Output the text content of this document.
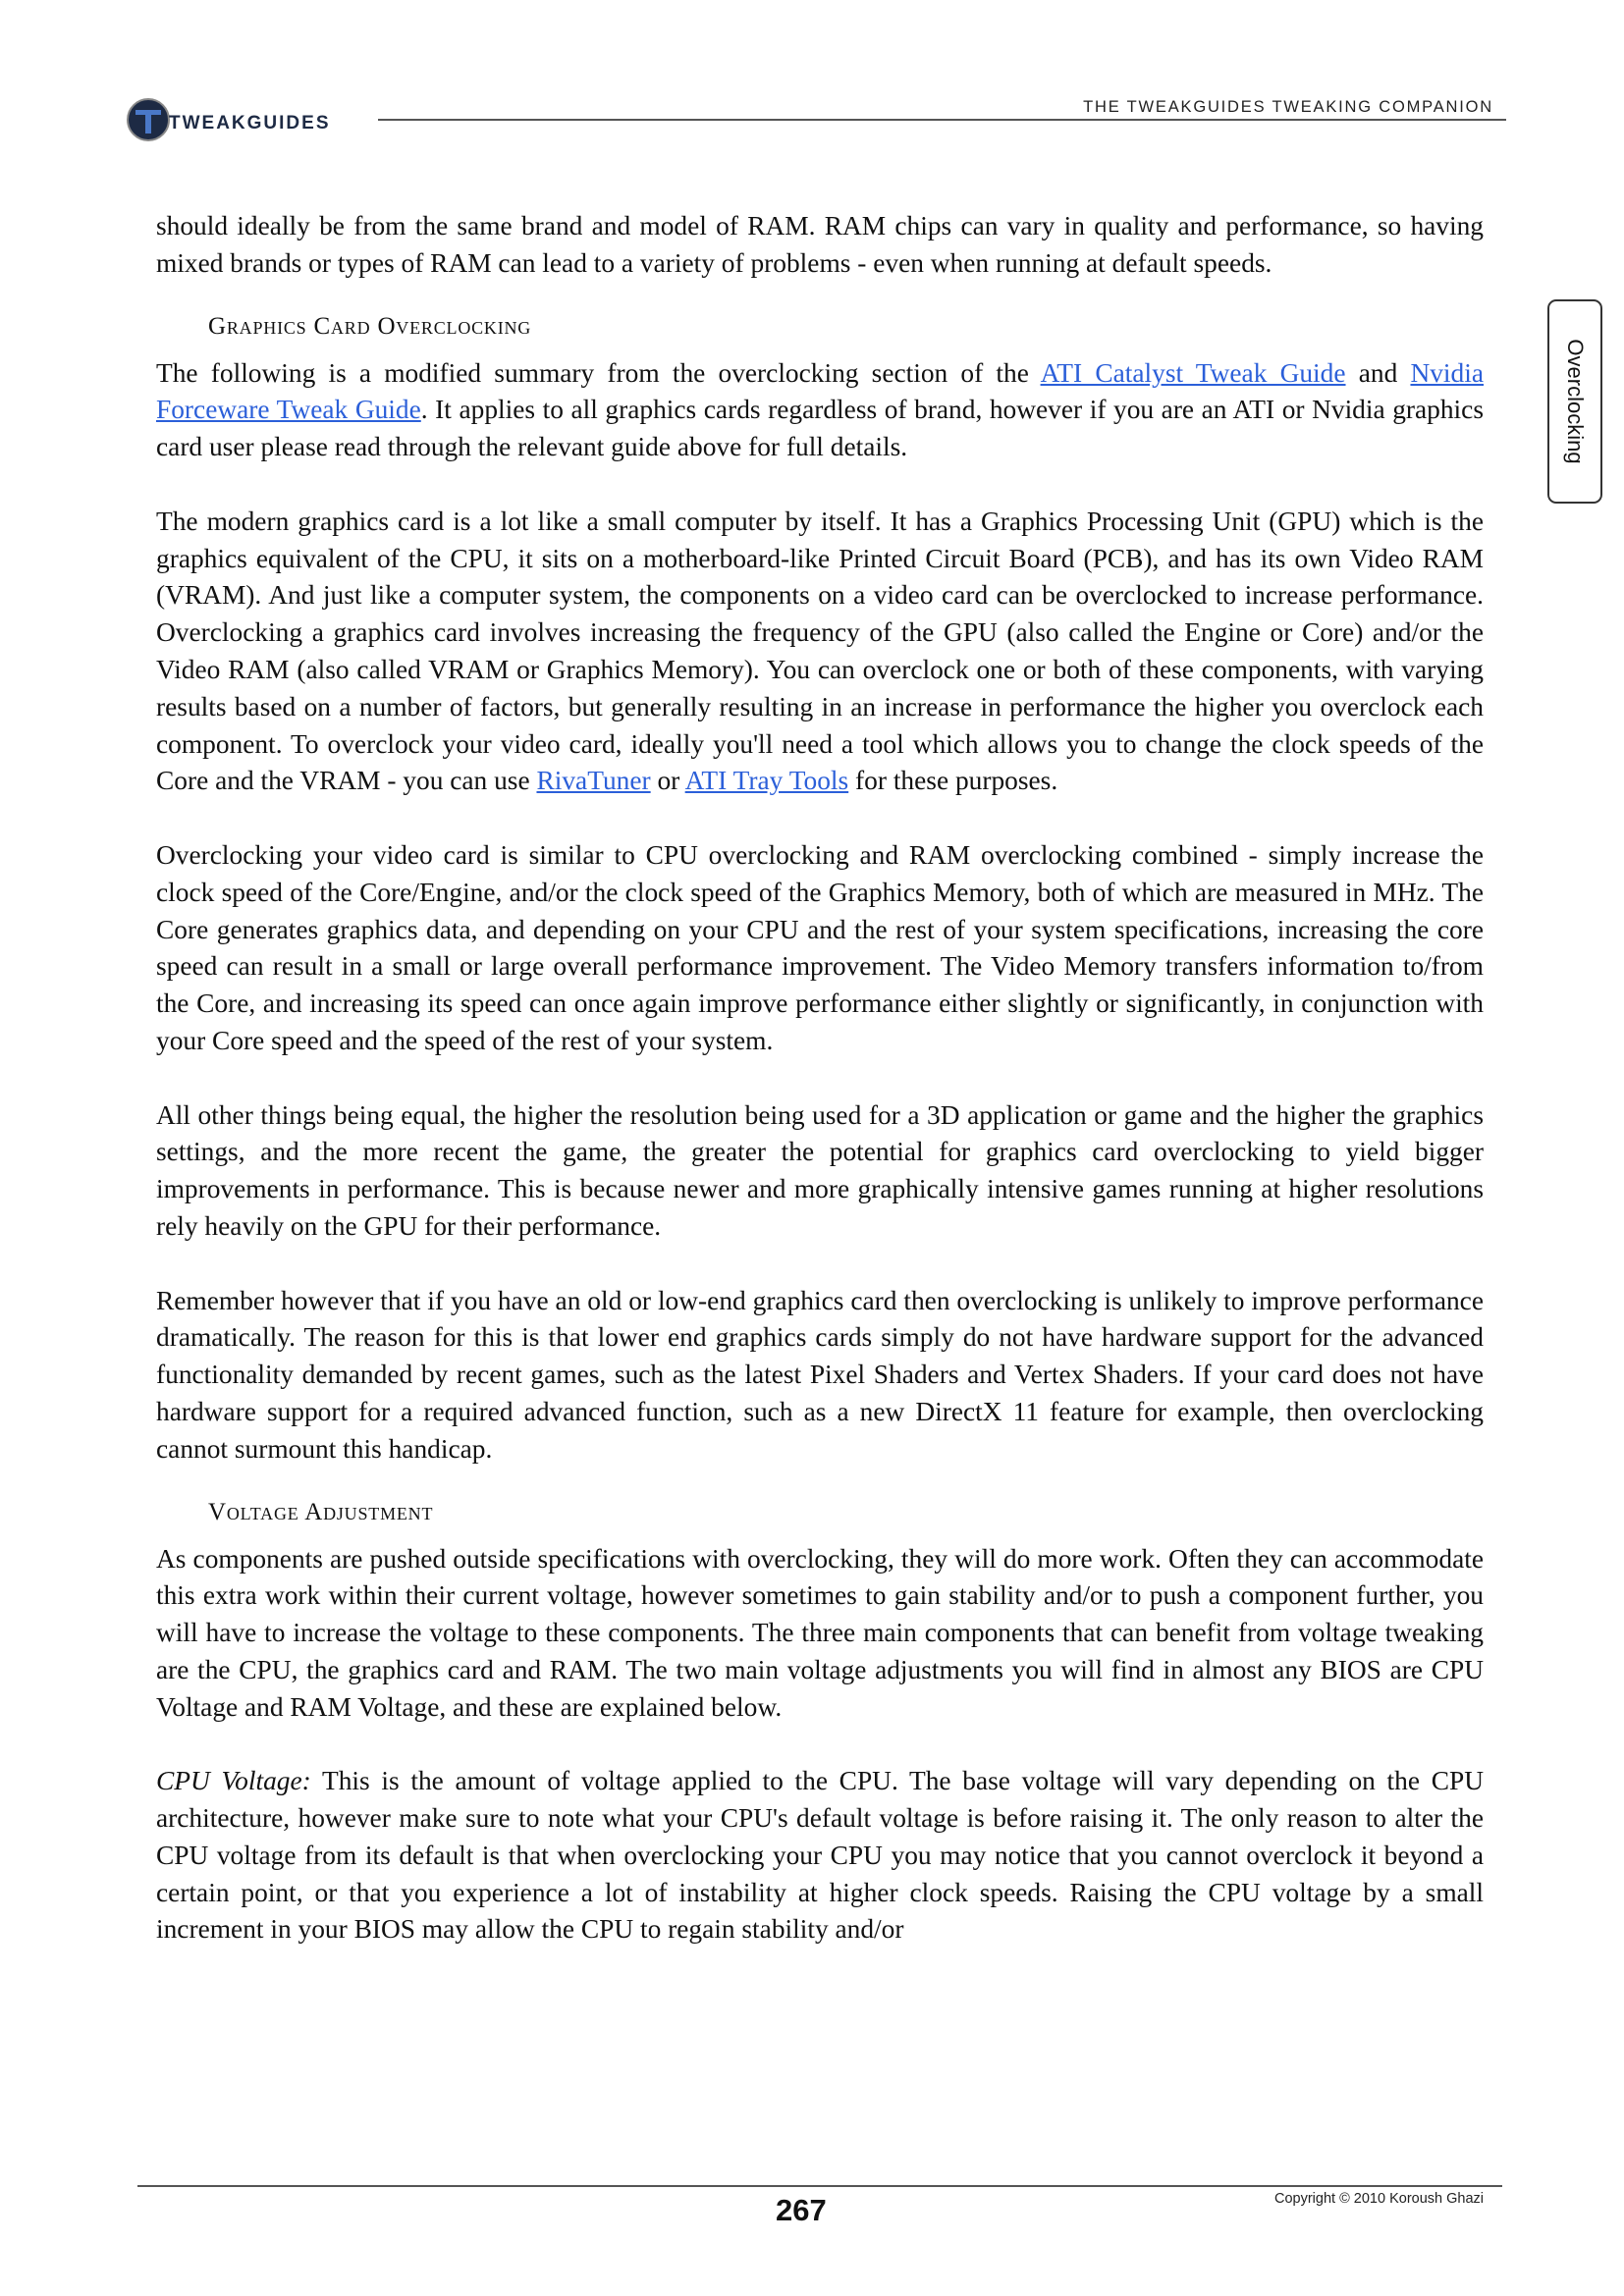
TWEAKGUIDES
THE TWEAKGUIDES TWEAKING COMPANION
Overclocking

should ideally be from the same brand and model of RAM. RAM chips can vary in quality and performance, so having mixed brands or types of RAM can lead to a variety of problems - even when running at default speeds.

Graphics Card Overclocking

The following is a modified summary from the overclocking section of the ATI Catalyst Tweak Guide and Nvidia Forceware Tweak Guide. It applies to all graphics cards regardless of brand, however if you are an ATI or Nvidia graphics card user please read through the relevant guide above for full details.

The modern graphics card is a lot like a small computer by itself. It has a Graphics Processing Unit (GPU) which is the graphics equivalent of the CPU, it sits on a motherboard-like Printed Circuit Board (PCB), and has its own Video RAM (VRAM). And just like a computer system, the components on a video card can be overclocked to increase performance. Overclocking a graphics card involves increasing the frequency of the GPU (also called the Engine or Core) and/or the Video RAM (also called VRAM or Graphics Memory). You can overclock one or both of these components, with varying results based on a number of factors, but generally resulting in an increase in performance the higher you overclock each component. To overclock your video card, ideally you'll need a tool which allows you to change the clock speeds of the Core and the VRAM - you can use RivaTuner or ATI Tray Tools for these purposes.

Overclocking your video card is similar to CPU overclocking and RAM overclocking combined - simply increase the clock speed of the Core/Engine, and/or the clock speed of the Graphics Memory, both of which are measured in MHz. The Core generates graphics data, and depending on your CPU and the rest of your system specifications, increasing the core speed can result in a small or large overall performance improvement. The Video Memory transfers information to/from the Core, and increasing its speed can once again improve performance either slightly or significantly, in conjunction with your Core speed and the speed of the rest of your system.

All other things being equal, the higher the resolution being used for a 3D application or game and the higher the graphics settings, and the more recent the game, the greater the potential for graphics card overclocking to yield bigger improvements in performance. This is because newer and more graphically intensive games running at higher resolutions rely heavily on the GPU for their performance.

Remember however that if you have an old or low-end graphics card then overclocking is unlikely to improve performance dramatically. The reason for this is that lower end graphics cards simply do not have hardware support for the advanced functionality demanded by recent games, such as the latest Pixel Shaders and Vertex Shaders. If your card does not have hardware support for a required advanced function, such as a new DirectX 11 feature for example, then overclocking cannot surmount this handicap.

Voltage Adjustment

As components are pushed outside specifications with overclocking, they will do more work. Often they can accommodate this extra work within their current voltage, however sometimes to gain stability and/or to push a component further, you will have to increase the voltage to these components. The three main components that can benefit from voltage tweaking are the CPU, the graphics card and RAM. The two main voltage adjustments you will find in almost any BIOS are CPU Voltage and RAM Voltage, and these are explained below.

CPU Voltage: This is the amount of voltage applied to the CPU. The base voltage will vary depending on the CPU architecture, however make sure to note what your CPU's default voltage is before raising it. The only reason to alter the CPU voltage from its default is that when overclocking your CPU you may notice that you cannot overclock it beyond a certain point, or that you experience a lot of instability at higher clock speeds. Raising the CPU voltage by a small increment in your BIOS may allow the CPU to regain stability and/or

267	Copyright © 2010 Koroush Ghazi
